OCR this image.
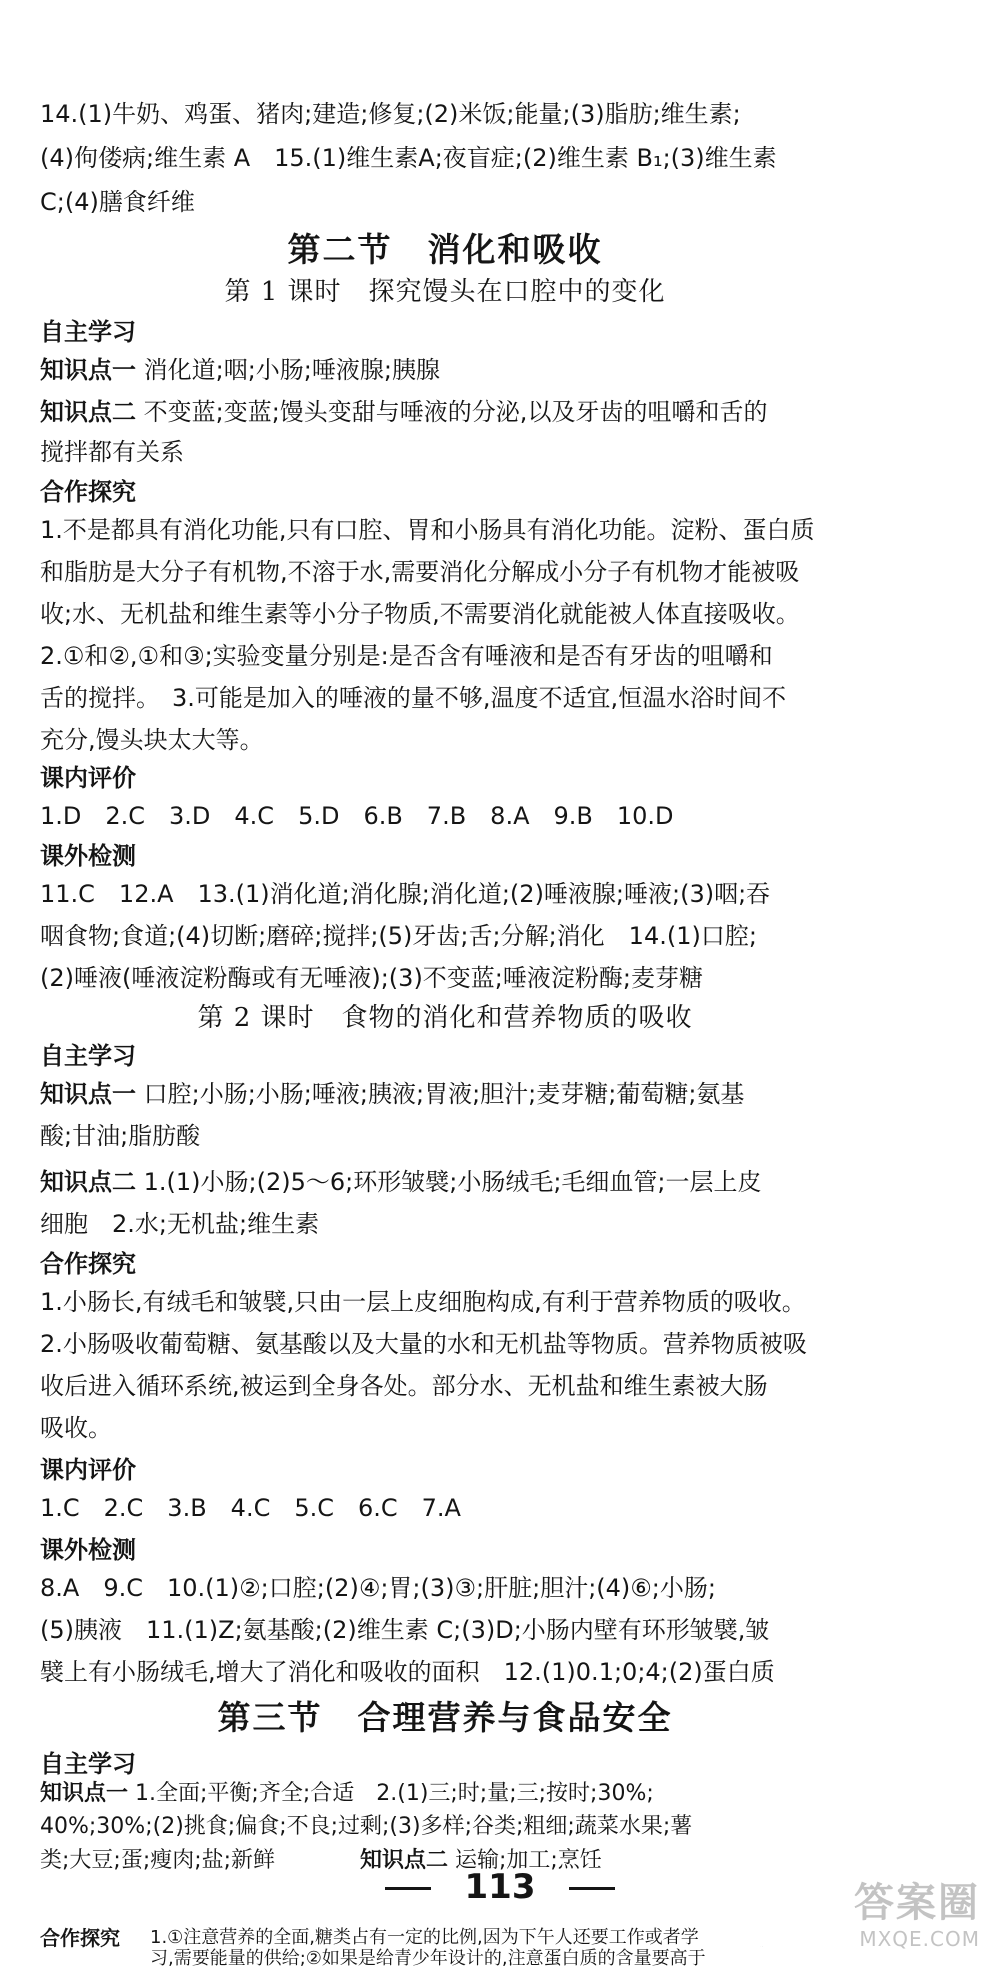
14.(1)牛奶、鸡蛋、猪肉;建造;修复;(2)米饭;能量;(3)脂肪;维生素;
(4)佝偻病;维生素 A　15.(1)维生素A;夜盲症;(2)维生素 B₁;(3)维生素
C;(4)膳食纤维
第二节　消化和吸收
第 1 课时　探究馒头在口腔中的变化
自主学习
知识点一 消化道;咽;小肠;唾液腺;胰腺
知识点二 不变蓝;变蓝;馒头变甜与唾液的分泌,以及牙齿的咀嚼和舌的
搅拌都有关系
合作探究
1.不是都具有消化功能,只有口腔、胃和小肠具有消化功能。淀粉、蛋白质
和脂肪是大分子有机物,不溶于水,需要消化分解成小分子有机物才能被吸
收;水、无机盐和维生素等小分子物质,不需要消化就能被人体直接吸收。
2.①和②,①和③;实验变量分别是:是否含有唾液和是否有牙齿的咀嚼和
舌的搅拌。　3.可能是加入的唾液的量不够,温度不适宜,恒温水浴时间不
充分,馒头块太大等。
课内评价
1.D　2.C　3.D　4.C　5.D　6.B　7.B　8.A　9.B　10.D
课外检测
11.C　12.A　13.(1)消化道;消化腺;消化道;(2)唾液腺;唾液;(3)咽;吞
咽食物;食道;(4)切断;磨碎;搅拌;(5)牙齿;舌;分解;消化　14.(1)口腔;
(2)唾液(唾液淀粉酶或有无唾液);(3)不变蓝;唾液淀粉酶;麦芽糖
第 2 课时　食物的消化和营养物质的吸收
自主学习
知识点一 口腔;小肠;小肠;唾液;胰液;胃液;胆汁;麦芽糖;葡萄糖;氨基
酸;甘油;脂肪酸
知识点二 1.(1)小肠;(2)5～6;环形皱襞;小肠绒毛;毛细血管;一层上皮
细胞　2.水;无机盐;维生素
合作探究
1.小肠长,有绒毛和皱襞,只由一层上皮细胞构成,有利于营养物质的吸收。
2.小肠吸收葡萄糖、氨基酸以及大量的水和无机盐等物质。营养物质被吸
收后进入循环系统,被运到全身各处。部分水、无机盐和维生素被大肠
吸收。
课内评价
1.C　2.C　3.B　4.C　5.C　6.C　7.A
课外检测
8.A　9.C　10.(1)②;口腔;(2)④;胃;(3)③;肝脏;胆汁;(4)⑥;小肠;
(5)胰液　11.(1)Z;氨基酸;(2)维生素 C;(3)D;小肠内壁有环形皱襞,皱
襞上有小肠绒毛,增大了消化和吸收的面积　12.(1)0.1;0;4;(2)蛋白质
第三节　合理营养与食品安全
自主学习
知识点一 1.全面;平衡;齐全;合适　2.(1)三;时;量;三;按时;30%;
40%;30%;(2)挑食;偏食;不良;过剩;(3)多样;谷类;粗细;蔬菜水果;薯
类;大豆;蛋;瘦肉;盐;新鲜	知识点二 运输;加工;烹饪
合作探究 1.①注意营养的全面,糖类占有一定的比例,因为下午人还要工作或者学
习,需要能量的供给;②如果是给青少年设计的,注意蛋白质的含量要高于
113	答案圈
MXQE.COM
